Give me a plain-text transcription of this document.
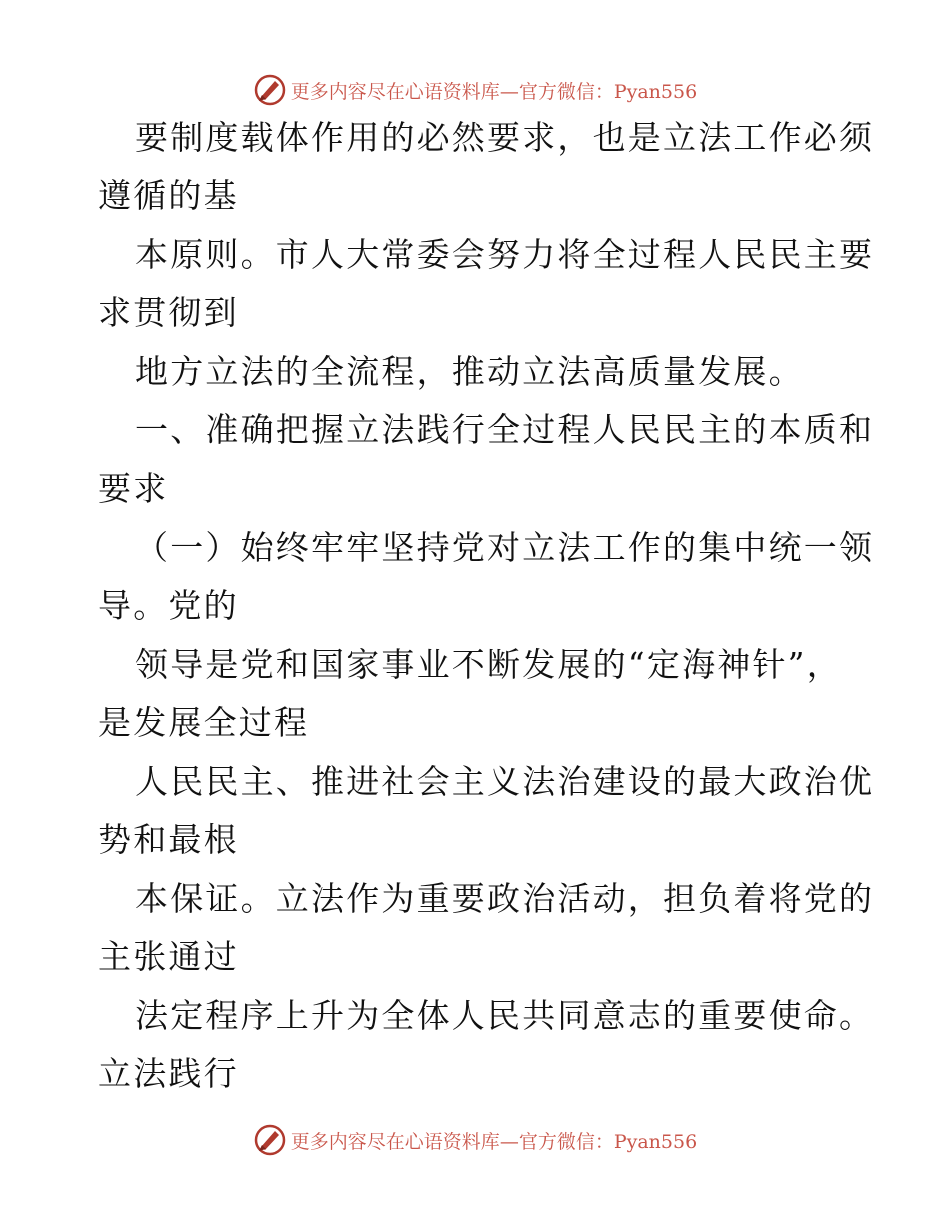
更多内容尽在心语资料库—官方微信：Pyan556
要制度载体作用的必然要求，也是立法工作必须
遵循的基
本原则。市人大常委会努力将全过程人民民主要
求贯彻到
地方立法的全流程，推动立法高质量发展。
一、准确把握立法践行全过程人民民主的本质和
要求
（一）始终牢牢坚持党对立法工作的集中统一领
导。党的
领导是党和国家事业不断发展的“定海神针”，
是发展全过程
人民民主、推进社会主义法治建设的最大政治优
势和最根
本保证。立法作为重要政治活动，担负着将党的
主张通过
法定程序上升为全体人民共同意志的重要使命。
立法践行
更多内容尽在心语资料库—官方微信：Pyan556
